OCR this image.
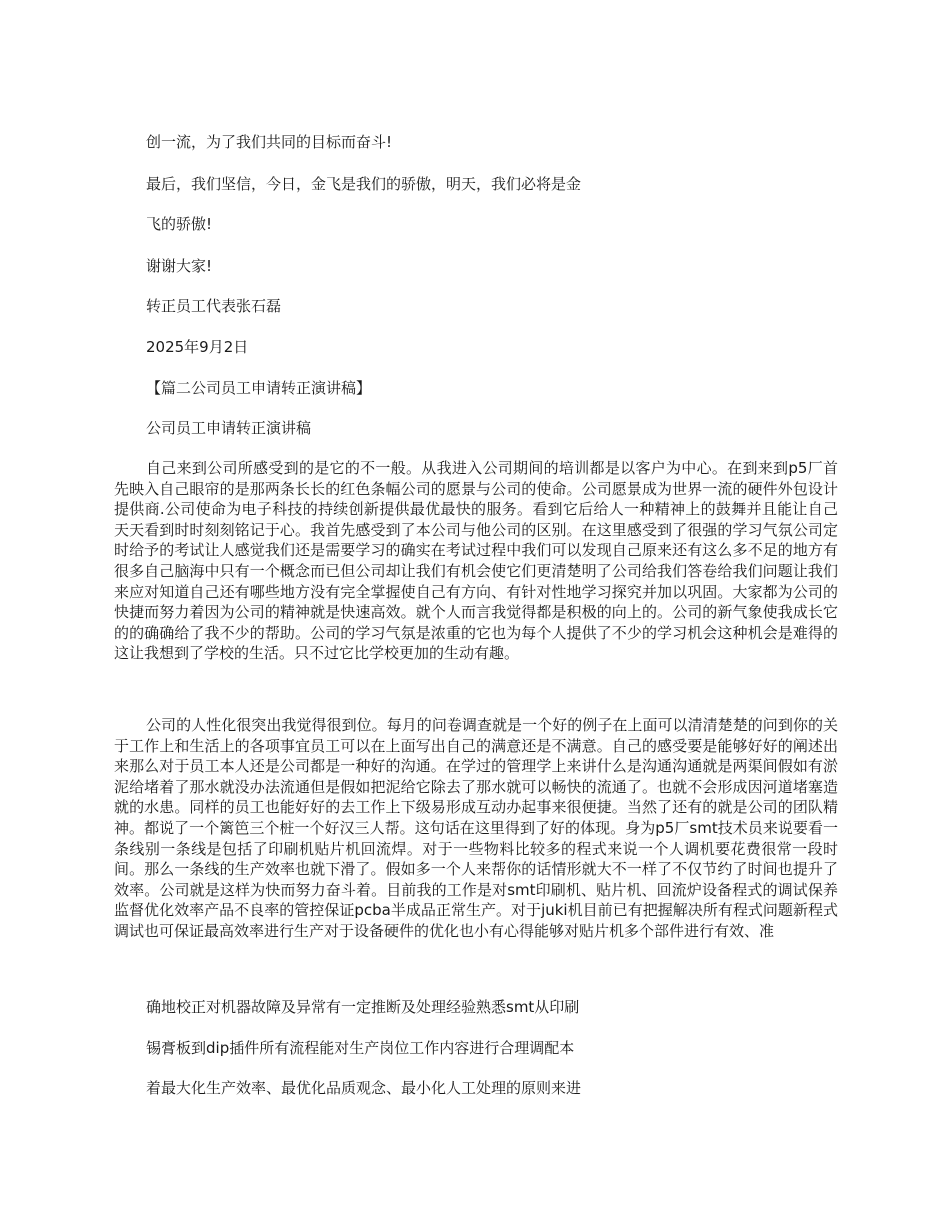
创一流，为了我们共同的目标而奋斗!
最后，我们坚信，今日，金飞是我们的骄傲，明天，我们必将是金
飞的骄傲!
谢谢大家!
转正员工代表张石磊
2025年9月2日
【篇二公司员工申请转正演讲稿】
公司员工申请转正演讲稿

自己来到公司所感受到的是它的不一般。从我进入公司期间的培训都是以客户为中心。在到来到p5厂首先映入自己眼帘的是那两条长长的红色条幅公司的愿景与公司的使命。公司愿景成为世界一流的硬件外包设计提供商.公司使命为电子科技的持续创新提供最优最快的服务。看到它后给人一种精神上的鼓舞并且能让自己天天看到时时刻刻铭记于心。我首先感受到了本公司与他公司的区别。在这里感受到了很强的学习气氛公司定时给予的考试让人感觉我们还是需要学习的确实在考试过程中我们可以发现自己原来还有这么多不足的地方有很多自己脑海中只有一个概念而已但公司却让我们有机会使它们更清楚明了公司给我们答卷给我们问题让我们来应对知道自己还有哪些地方没有完全掌握使自己有方向、有针对性地学习探究并加以巩固。大家都为公司的快捷而努力着因为公司的精神就是快速高效。就个人而言我觉得都是积极的向上的。公司的新气象使我成长它的的确确给了我不少的帮助。公司的学习气氛是浓重的它也为每个人提供了不少的学习机会这种机会是难得的这让我想到了学校的生活。只不过它比学校更加的生动有趣。

公司的人性化很突出我觉得很到位。每月的问卷调查就是一个好的例子在上面可以清清楚楚的问到你的关于工作上和生活上的各项事宜员工可以在上面写出自己的满意还是不满意。自己的感受要是能够好好的阐述出来那么对于员工本人还是公司都是一种好的沟通。在学过的管理学上来讲什么是沟通沟通就是两渠间假如有淤泥给堵着了那水就没办法流通但是假如把泥给它除去了那水就可以畅快的流通了。也就不会形成因河道堵塞造就的水患。同样的员工也能好好的去工作上下级易形成互动办起事来很便捷。当然了还有的就是公司的团队精神。都说了一个篱笆三个桩一个好汉三人帮。这句话在这里得到了好的体现。身为p5厂smt技术员来说要看一条线别一条线是包括了印刷机贴片机回流焊。对于一些物料比较多的程式来说一个人调机要花费很常一段时间。那么一条线的生产效率也就下滑了。假如多一个人来帮你的话情形就大不一样了不仅节约了时间也提升了效率。公司就是这样为快而努力奋斗着。目前我的工作是对smt印刷机、贴片机、回流炉设备程式的调试保养监督优化效率产品不良率的管控保证pcba半成品正常生产。对于juki机目前已有把握解决所有程式问题新程式调试也可保证最高效率进行生产对于设备硬件的优化也小有心得能够对贴片机多个部件进行有效、准

确地校正对机器故障及异常有一定推断及处理经验熟悉smt从印刷
锡膏板到dip插件所有流程能对生产岗位工作内容进行合理调配本
着最大化生产效率、最优化品质观念、最小化人工处理的原则来进
